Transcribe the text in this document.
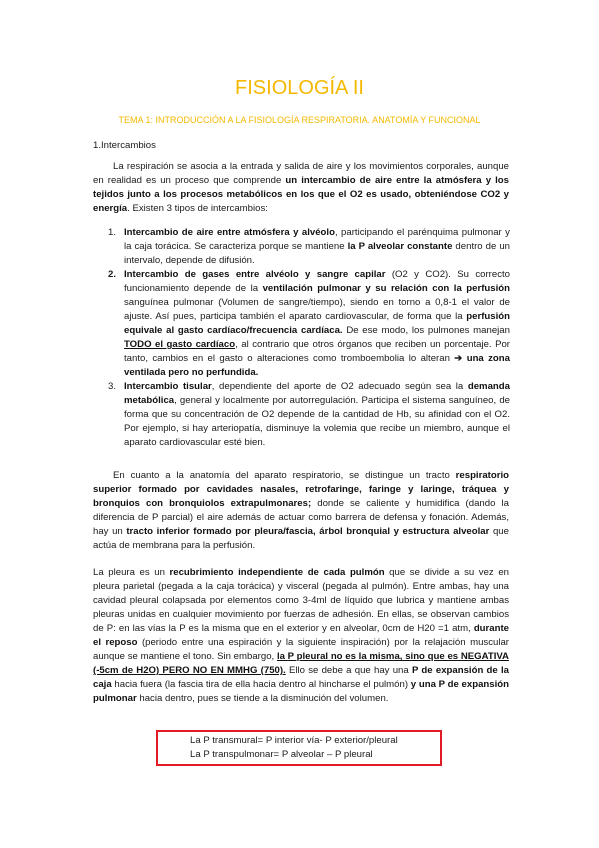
FISIOLOGÍA II
TEMA 1: INTRODUCCIÓN A LA FISIOLOGÍA RESPIRATORIA. ANATOMÍA Y FUNCIONAL
1.Intercambios
La respiración se asocia a la entrada y salida de aire y los movimientos corporales, aunque en realidad es un proceso que comprende un intercambio de aire entre la atmósfera y los tejidos junto a los procesos metabólicos en los que el O2 es usado, obteniéndose CO2 y energía. Existen 3 tipos de intercambios:
1. Intercambio de aire entre atmósfera y alvéolo, participando el parénquima pulmonar y la caja torácica. Se caracteriza porque se mantiene la P alveolar constante dentro de un intervalo, depende de difusión.
2. Intercambio de gases entre alvéolo y sangre capilar (O2 y CO2). Su correcto funcionamiento depende de la ventilación pulmonar y su relación con la perfusión sanguínea pulmonar (Volumen de sangre/tiempo), siendo en torno a 0,8-1 el valor de ajuste. Así pues, participa también el aparato cardiovascular, de forma que la perfusión equivale al gasto cardíaco/frecuencia cardíaca. De ese modo, los pulmones manejan TODO el gasto cardíaco, al contrario que otros órganos que reciben un porcentaje. Por tanto, cambios en el gasto o alteraciones como tromboembolia lo alteran ➔ una zona ventilada pero no perfundida.
3. Intercambio tisular, dependiente del aporte de O2 adecuado según sea la demanda metabólica, general y localmente por autorregulación. Participa el sistema sanguíneo, de forma que su concentración de O2 depende de la cantidad de Hb, su afinidad con el O2. Por ejemplo, si hay arteriopatía, disminuye la volemia que recibe un miembro, aunque el aparato cardiovascular esté bien.
En cuanto a la anatomía del aparato respiratorio, se distingue un tracto respiratorio superior formado por cavidades nasales, retrofaringe, faringe y laringe, tráquea y bronquios con bronquiolos extrapulmonares; donde se caliente y humidifica (dando la diferencia de P parcial) el aire además de actuar como barrera de defensa y fonación. Además, hay un tracto inferior formado por pleura/fascia, árbol bronquial y estructura alveolar que actúa de membrana para la perfusión.
La pleura es un recubrimiento independiente de cada pulmón que se divide a su vez en pleura parietal (pegada a la caja torácica) y visceral (pegada al pulmón). Entre ambas, hay una cavidad pleural colapsada por elementos como 3-4ml de líquido que lubrica y mantiene ambas pleuras unidas en cualquier movimiento por fuerzas de adhesión. En ellas, se observan cambios de P: en las vías la P es la misma que en el exterior y en alveolar, 0cm de H20 =1 atm, durante el reposo (periodo entre una espiración y la siguiente inspiración) por la relajación muscular aunque se mantiene el tono. Sin embargo, la P pleural no es la misma, sino que es NEGATIVA (-5cm de H2O) PERO NO EN MMHG (750). Ello se debe a que hay una P de expansión de la caja hacia fuera (la fascia tira de ella hacia dentro al hincharse el pulmón) y una P de expansión pulmonar hacia dentro, pues se tiende a la disminución del volumen.
La P transmural= P interior vía- P exterior/pleural
La P transpulmonar= P alveolar – P pleural
